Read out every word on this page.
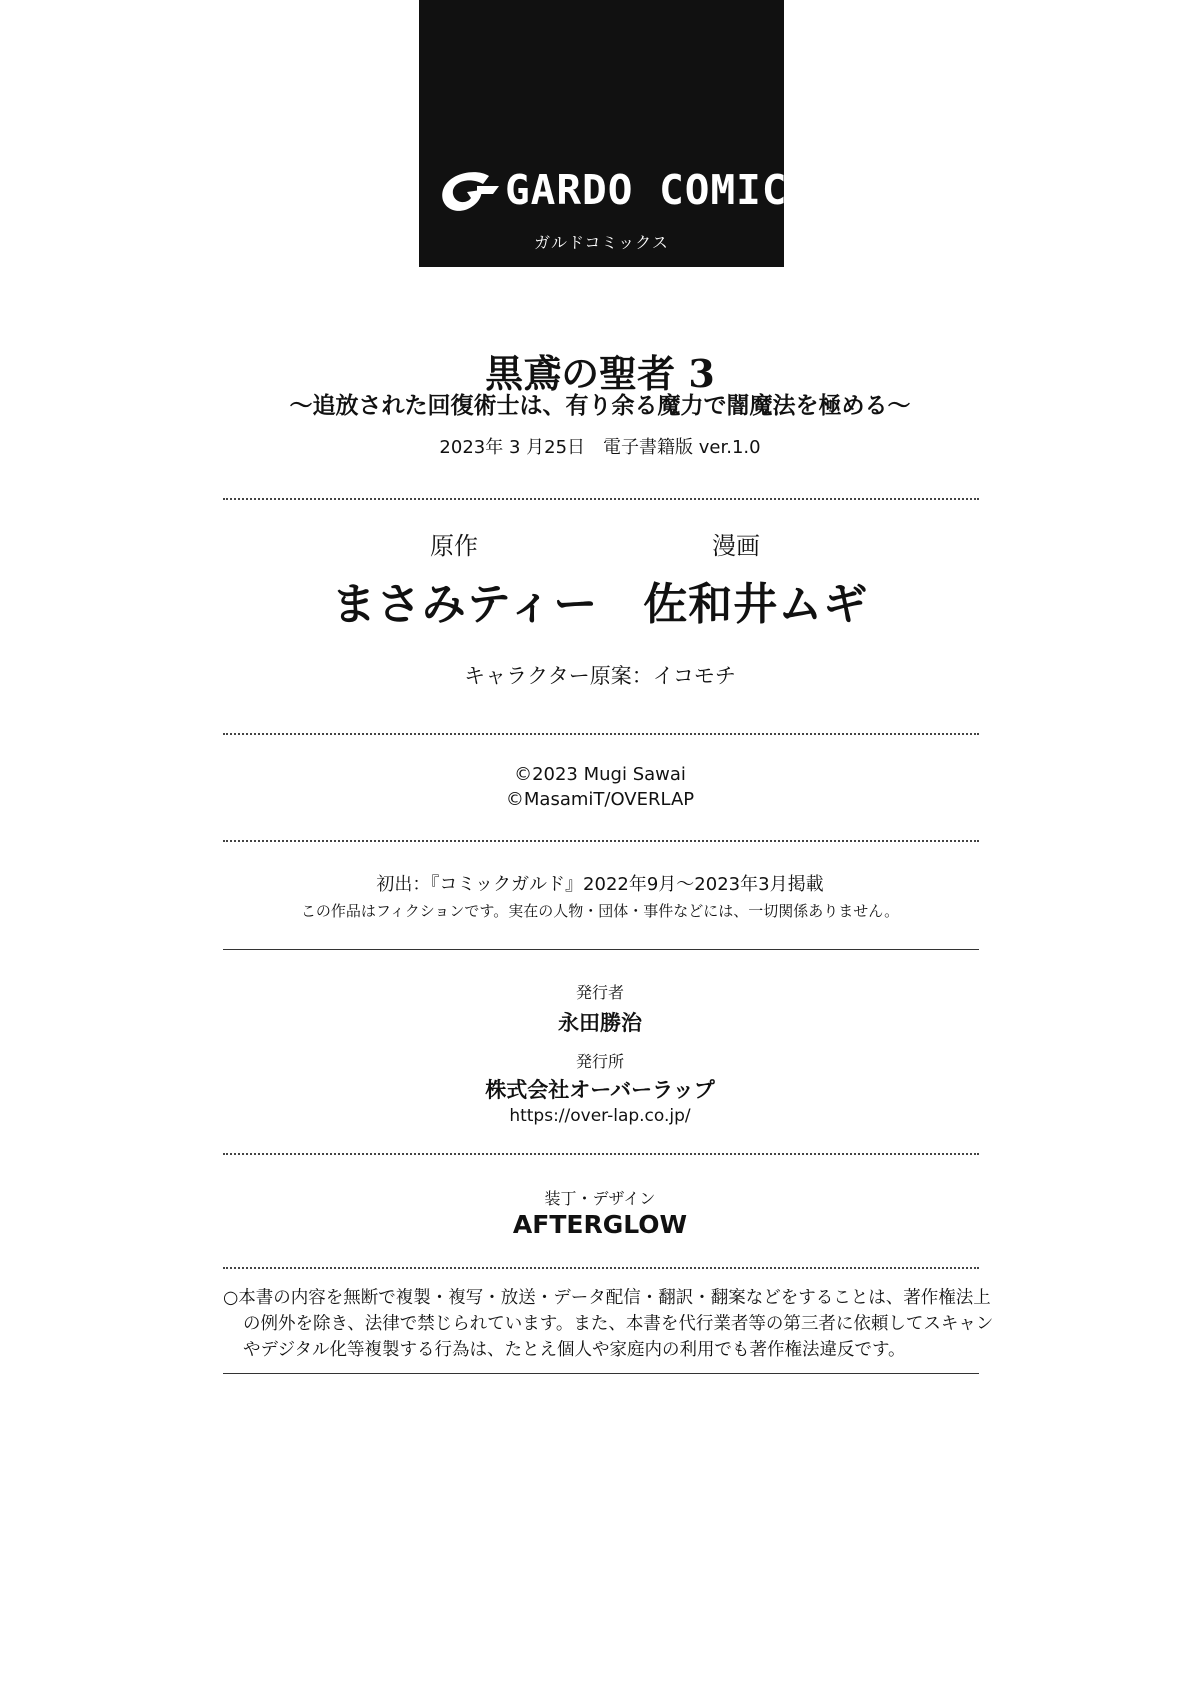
GARDO COMICS
ガルドコミックス
黒鳶の聖者 3
〜追放された回復術士は、有り余る魔力で闇魔法を極める〜
2023年 3 月25日　電子書籍版 ver.1.0
原作	漫画
まさみティー　佐和井ムギ
キャラクター原案：イコモチ
©2023 Mugi Sawai
©MasamiT/OVERLAP
初出：『コミックガルド』2022年9月〜2023年3月掲載
この作品はフィクションです。実在の人物・団体・事件などには、一切関係ありません。
発行者
永田勝治
発行所
株式会社オーバーラップ
https://over-lap.co.jp/
装丁・デザイン
AFTERGLOW
○本書の内容を無断で複製・複写・放送・データ配信・翻訳・翻案などをすることは、著作権法上
の例外を除き、法律で禁じられています。また、本書を代行業者等の第三者に依頼してスキャン
やデジタル化等複製する行為は、たとえ個人や家庭内の利用でも著作権法違反です。
